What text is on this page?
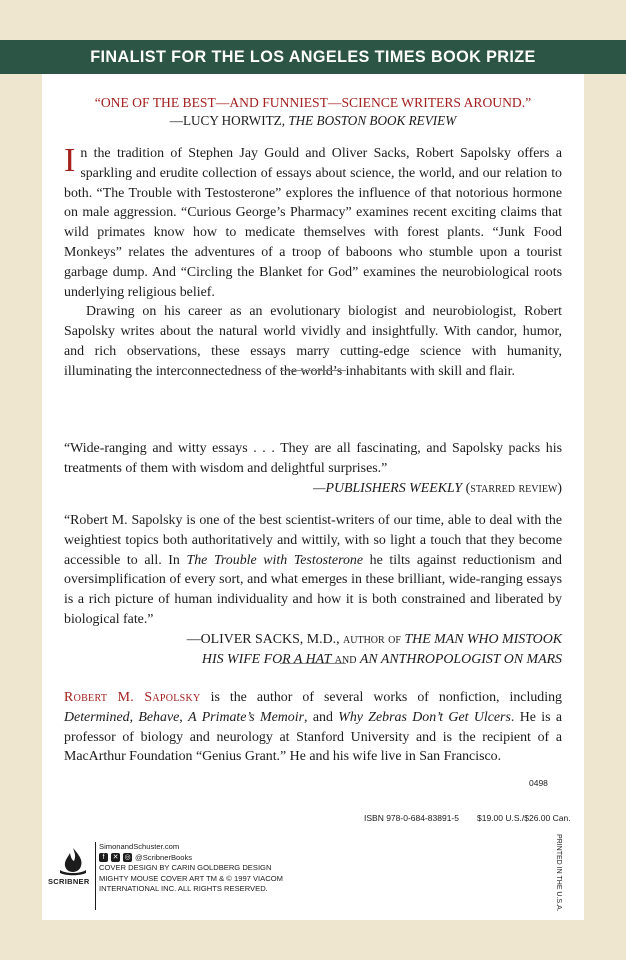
FINALIST FOR THE LOS ANGELES TIMES BOOK PRIZE
“ONE OF THE BEST—AND FUNNIEST—SCIENCE WRITERS AROUND.”
—LUCY HORWITZ, THE BOSTON BOOK REVIEW

In the tradition of Stephen Jay Gould and Oliver Sacks, Robert Sapolsky offers a sparkling and erudite collection of essays about science, the world, and our relation to both. “The Trouble with Testosterone” explores the influence of that notorious hormone on male aggression. “Curious George’s Pharmacy” examines recent exciting claims that wild primates know how to medicate themselves with forest plants. “Junk Food Monkeys” relates the adventures of a troop of baboons who stumble upon a tourist garbage dump. And “Circling the Blanket for God” examines the neurobiological roots underlying religious belief.

Drawing on his career as an evolutionary biologist and neurobiologist, Robert Sapolsky writes about the natural world vividly and insightfully. With candor, humor, and rich observations, these essays marry cutting-edge science with humanity, illuminating the interconnectedness of the world’s inhabitants with skill and flair.

“Wide-ranging and witty essays . . . They are all fascinating, and Sapolsky packs his treatments of them with wisdom and delightful surprises.”
—PUBLISHERS WEEKLY (starred review)
“Robert M. Sapolsky is one of the best scientist-writers of our time, able to deal with the weightiest topics both authoritatively and wittily, with so light a touch that they become accessible to all. In The Trouble with Testosterone he tilts against reductionism and oversimplification of every sort, and what emerges in these brilliant, wide-ranging essays is a rich picture of human individuality and how it is both constrained and liberated by biological fate.”
—OLIVER SACKS, M.D., author of THE MAN WHO MISTOOK
HIS WIFE FOR A HAT and AN ANTHROPOLOGIST ON MARS
Robert M. Sapolsky is the author of several works of nonfiction, including Determined, Behave, A Primate’s Memoir, and Why Zebras Don’t Get Ulcers. He is a professor of biology and neurology at Stanford University and is the recipient of a MacArthur Foundation “Genius Grant.” He and his wife live in San Francisco.
0498
ISBN 978-0-684-83891-5 $19.00 U.S./$26.00 Can.
SCRIBNER
SimonandSchuster.com
f	✕ ◎ @ScribnerBooks
COVER DESIGN BY CARIN GOLDBERG DESIGN
MIGHTY MOUSE COVER ART TM & © 1997 VIACOM
INTERNATIONAL INC. ALL RIGHTS RESERVED.	PRINTED IN THE U.S.A.
